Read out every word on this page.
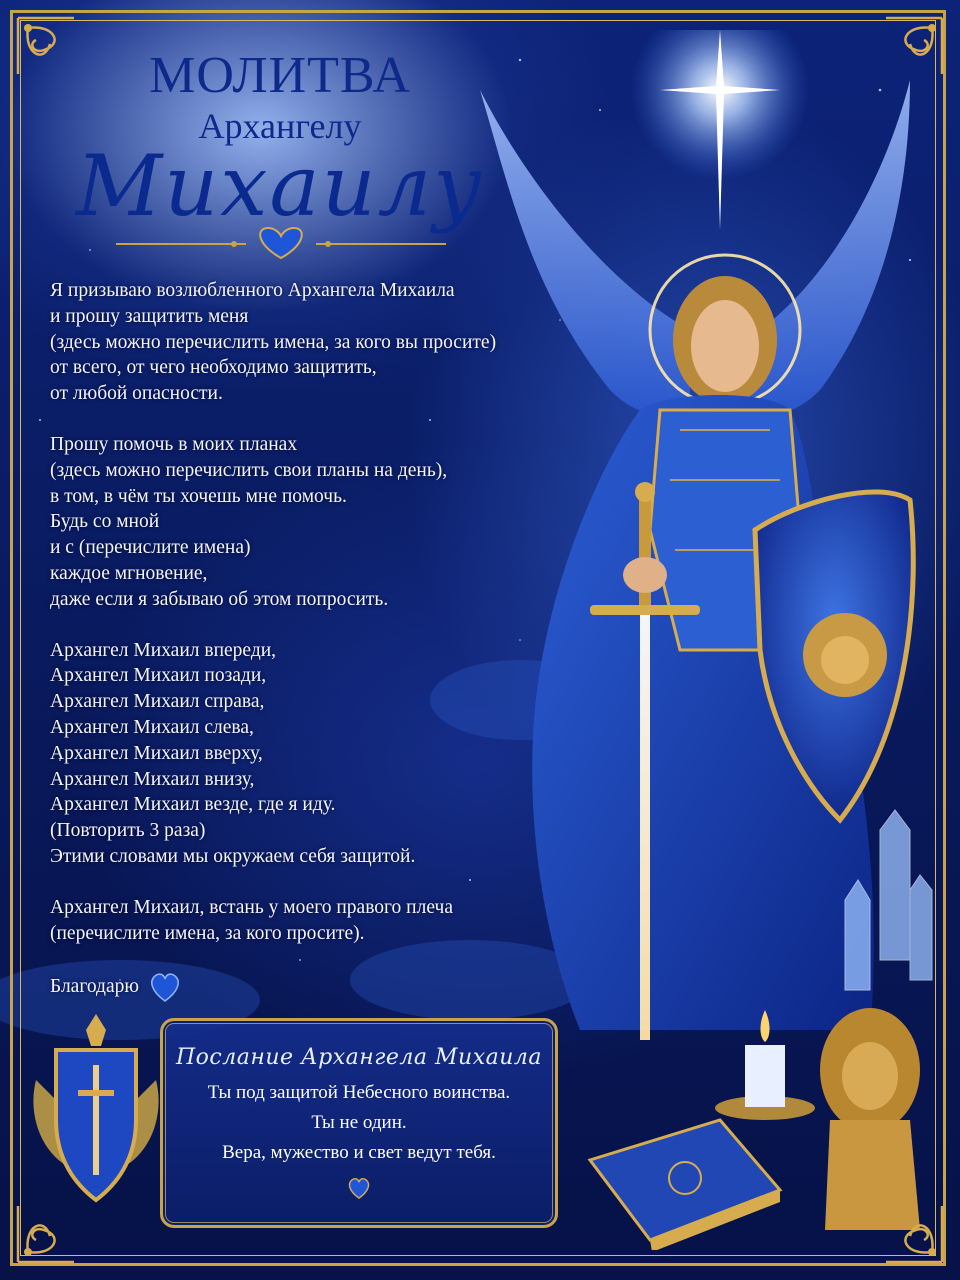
МОЛИТВА
Архангелу
Михаилу
Я призываю возлюбленного Архангела Михаила
и прошу защитить меня
(здесь можно перечислить имена, за кого вы просите)
от всего, от чего необходимо защитить,
от любой опасности.
Прошу помочь в моих планах
(здесь можно перечислить свои планы на день),
в том, в чём ты хочешь мне помочь.
Будь со мной
и с (перечислите имена)
каждое мгновение,
даже если я забываю об этом попросить.
Архангел Михаил впереди,
Архангел Михаил позади,
Архангел Михаил справа,
Архангел Михаил слева,
Архангел Михаил вверху,
Архангел Михаил внизу,
Архангел Михаил везде, где я иду.
(Повторить 3 раза)
Этими словами мы окружаем себя защитой.
Архангел Михаил, встань у моего правого плеча
(перечислите имена, за кого просите).
Благодарю
Послание Архангела Михаила
Ты под защитой Небесного воинства.
Ты не один.
Вера, мужество и свет ведут тебя.
